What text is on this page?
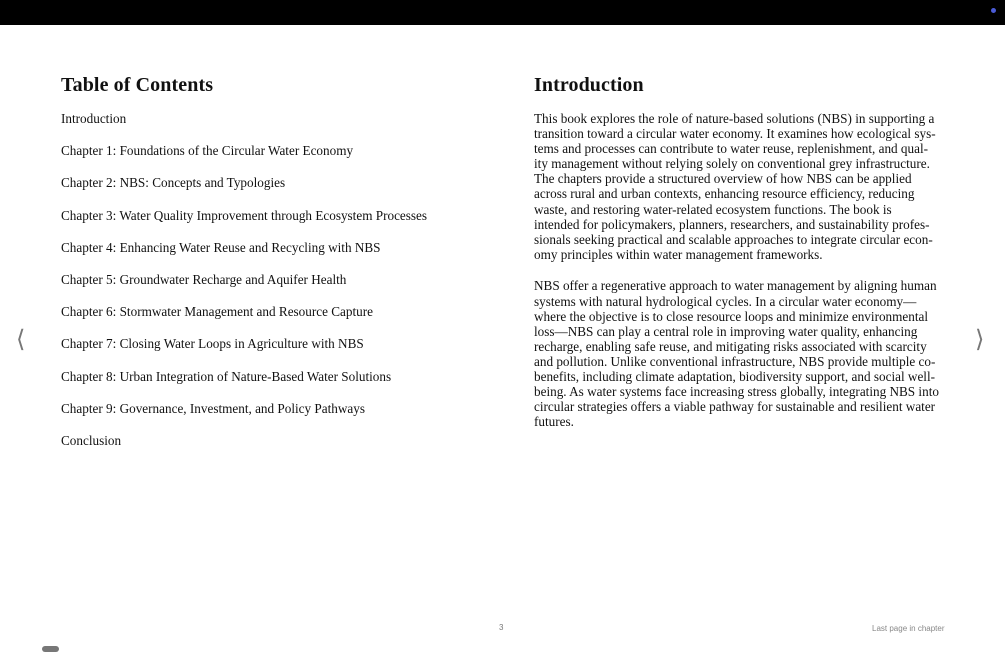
Table of Contents
Introduction
Chapter 1: Foundations of the Circular Water Economy
Chapter 2: NBS: Concepts and Typologies
Chapter 3: Water Quality Improvement through Ecosystem Processes
Chapter 4: Enhancing Water Reuse and Recycling with NBS
Chapter 5: Groundwater Recharge and Aquifer Health
Chapter 6: Stormwater Management and Resource Capture
Chapter 7: Closing Water Loops in Agriculture with NBS
Chapter 8: Urban Integration of Nature-Based Water Solutions
Chapter 9: Governance, Investment, and Policy Pathways
Conclusion
Introduction

This book explores the role of nature-based solutions (NBS) in supporting a
transition toward a circular water economy. It examines how ecological sys-
tems and processes can contribute to water reuse, replenishment, and qual-
ity management without relying solely on conventional grey infrastructure.
The chapters provide a structured overview of how NBS can be applied
across rural and urban contexts, enhancing resource efficiency, reducing
waste, and restoring water-related ecosystem functions. The book is
intended for policymakers, planners, researchers, and sustainability profes-
sionals seeking practical and scalable approaches to integrate circular econ-
omy principles within water management frameworks.

NBS offer a regenerative approach to water management by aligning human
systems with natural hydrological cycles. In a circular water economy—
where the objective is to close resource loops and minimize environmental
loss—NBS can play a central role in improving water quality, enhancing
recharge, enabling safe reuse, and mitigating risks associated with scarcity
and pollution. Unlike conventional infrastructure, NBS provide multiple co-
benefits, including climate adaptation, biodiversity support, and social well-
being. As water systems face increasing stress globally, integrating NBS into
circular strategies offers a viable pathway for sustainable and resilient water
futures.

⟨	⟩
3	Last page in chapter
